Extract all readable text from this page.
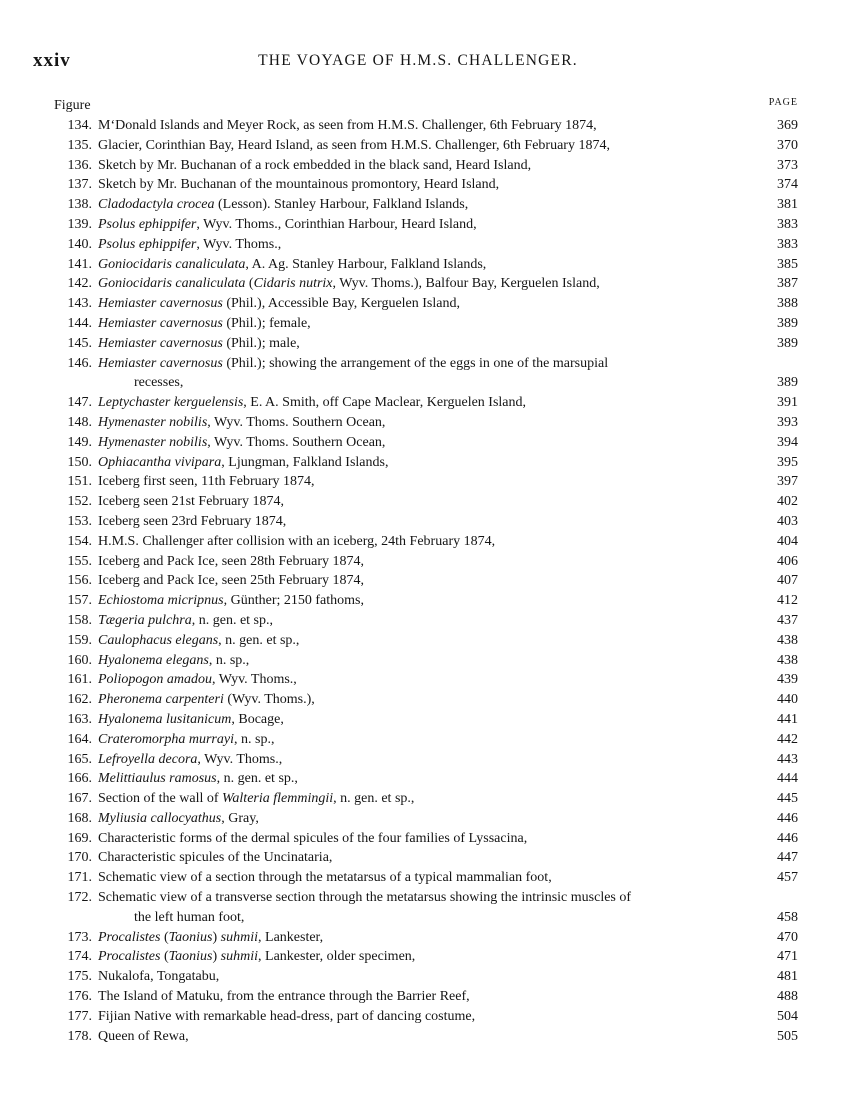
xxiv	THE VOYAGE OF H.M.S. CHALLENGER.
Figure	PAGE
134. M‘Donald Islands and Meyer Rock, as seen from H.M.S. Challenger, 6th February 1874,	369
135. Glacier, Corinthian Bay, Heard Island, as seen from H.M.S. Challenger, 6th February 1874,	370
136. Sketch by Mr. Buchanan of a rock embedded in the black sand, Heard Island,	373
137. Sketch by Mr. Buchanan of the mountainous promontory, Heard Island,	374
138. Cladodactyla crocea (Lesson). Stanley Harbour, Falkland Islands,	381
139. Psolus ephippifer, Wyv. Thoms., Corinthian Harbour, Heard Island,	383
140. Psolus ephippifer, Wyv. Thoms.,	383
141. Goniocidaris canaliculata, A. Ag. Stanley Harbour, Falkland Islands,	385
142. Goniocidaris canaliculata (Cidaris nutrix, Wyv. Thoms.), Balfour Bay, Kerguelen Island,	387
143. Hemiaster cavernosus (Phil.), Accessible Bay, Kerguelen Island,	388
144. Hemiaster cavernosus (Phil.); female,	389
145. Hemiaster cavernosus (Phil.); male,	389
146. Hemiaster cavernosus (Phil.); showing the arrangement of the eggs in one of the marsupial
recesses,	389
147. Leptychaster kerguelensis, E. A. Smith, off Cape Maclear, Kerguelen Island,	391
148. Hymenaster nobilis, Wyv. Thoms. Southern Ocean,	393
149. Hymenaster nobilis, Wyv. Thoms. Southern Ocean,	394
150. Ophiacantha vivipara, Ljungman, Falkland Islands,	395
151. Iceberg first seen, 11th February 1874,	397
152. Iceberg seen 21st February 1874,	402
153. Iceberg seen 23rd February 1874,	403
154. H.M.S. Challenger after collision with an iceberg, 24th February 1874,	404
155. Iceberg and Pack Ice, seen 28th February 1874,	406
156. Iceberg and Pack Ice, seen 25th February 1874,	407
157. Echiostoma micripnus, Günther; 2150 fathoms,	412
158. Tægeria pulchra, n. gen. et sp.,	437
159. Caulophacus elegans, n. gen. et sp.,	438
160. Hyalonema elegans, n. sp.,	438
161. Poliopogon amadou, Wyv. Thoms.,	439
162. Pheronema carpenteri (Wyv. Thoms.),	440
163. Hyalonema lusitanicum, Bocage,	441
164. Crateromorpha murrayi, n. sp.,	442
165. Lefroyella decora, Wyv. Thoms.,	443
166. Melittiaulus ramosus, n. gen. et sp.,	444
167. Section of the wall of Walteria flemmingii, n. gen. et sp.,	445
168. Myliusia callocyathus, Gray,	446
169. Characteristic forms of the dermal spicules of the four families of Lyssacina,	446
170. Characteristic spicules of the Uncinataria,	447
171. Schematic view of a section through the metatarsus of a typical mammalian foot,	457
172. Schematic view of a transverse section through the metatarsus showing the intrinsic muscles of
the left human foot,	458
173. Procalistes (Taonius) suhmii, Lankester,	470
174. Procalistes (Taonius) suhmii, Lankester, older specimen,	471
175. Nukalofa, Tongatabu,	481
176. The Island of Matuku, from the entrance through the Barrier Reef,	488
177. Fijian Native with remarkable head-dress, part of dancing costume,	504
178. Queen of Rewa,	505
